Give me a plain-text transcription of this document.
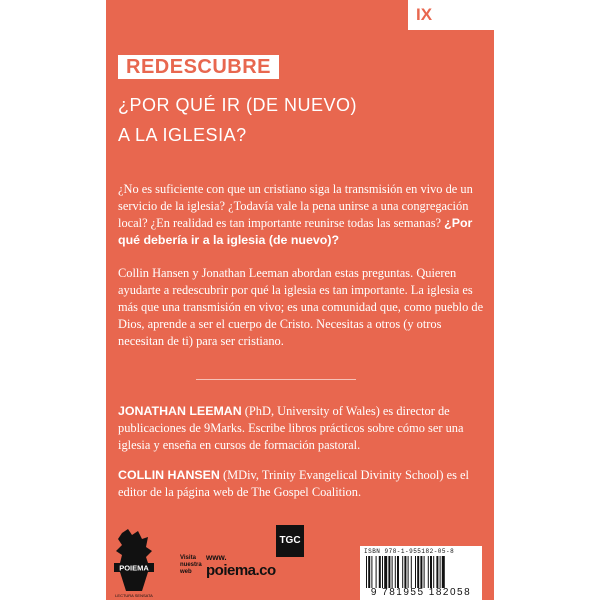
IX
REDESCUBRE
¿POR QUÉ IR (DE NUEVO)
A LA IGLESIA?

¿No es suficiente con que un cristiano siga la transmisión en vivo de un servicio de la iglesia? ¿Todavía vale la pena unirse a una congregación local? ¿En realidad es tan importante reunirse todas las semanas? ¿Por qué debería ir a la iglesia (de nuevo)?

Collin Hansen y Jonathan Leeman abordan estas preguntas. Quieren ayudarte a redescubrir por qué la iglesia es tan importante. La iglesia es más que una transmisión en vivo; es una comunidad que, como pueblo de Dios, aprende a ser el cuerpo de Cristo. Necesitas a otros (y otros necesitan de ti) para ser cristiano.

JONATHAN LEEMAN (PhD, University of Wales) es director de publicaciones de 9Marks. Escribe libros prácticos sobre cómo ser una iglesia y enseña en cursos de formación pastoral.

COLLIN HANSEN (MDiv, Trinity Evangelical Divinity School) es el editor de la página web de The Gospel Coalition.

POIEMA
LECTURA SENSATA
Visita nuestra web
www.
poiema.co
TGC
ISBN 978-1-955182-05-8
9 781955 182058
